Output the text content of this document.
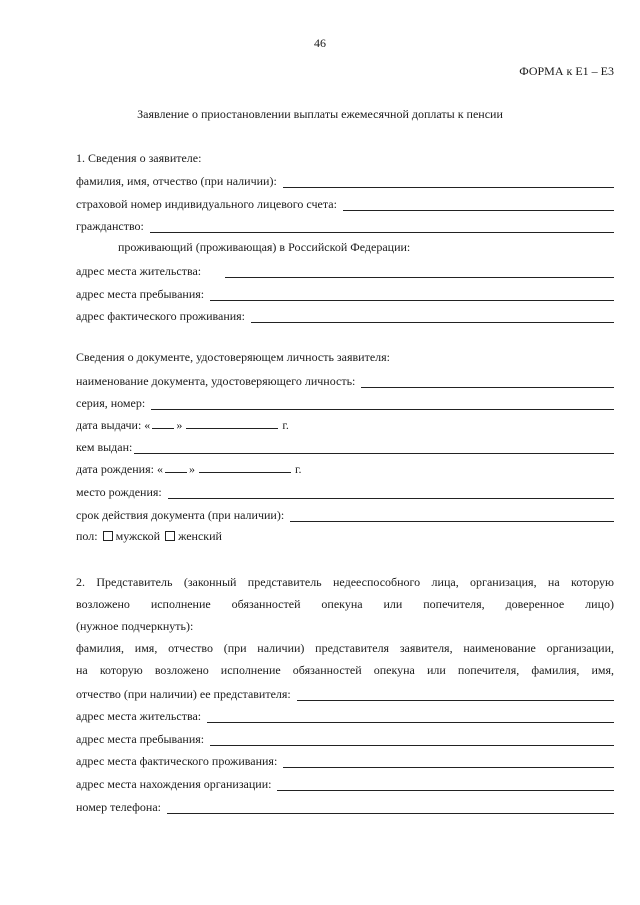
46
ФОРМА к Е1 – Е3
Заявление о приостановлении выплаты ежемесячной доплаты к пенсии
1. Сведения о заявителе:
фамилия, имя, отчество (при наличии):
страховой номер индивидуального лицевого счета:
гражданство:
проживающий (проживающая) в Российской Федерации:
адрес места жительства:
адрес места пребывания:
адрес фактического проживания:
Сведения о документе, удостоверяющем личность заявителя:
наименование документа, удостоверяющего личность:
серия, номер:
дата выдачи: « »	г.
кем выдан:
дата рождения: « »	г.
место рождения:
срок действия документа (при наличии):
пол: мужской женский
2. Представитель (законный представитель недееспособного лица, организация, на которую
возложено исполнение обязанностей опекуна или попечителя, доверенное лицо)
(нужное подчеркнуть):
фамилия, имя, отчество (при наличии) представителя заявителя, наименование организации,
на которую возложено исполнение обязанностей опекуна или попечителя, фамилия, имя,
отчество (при наличии) ее представителя:
адрес места жительства:
адрес места пребывания:
адрес места фактического проживания:
адрес места нахождения организации:
номер телефона:
